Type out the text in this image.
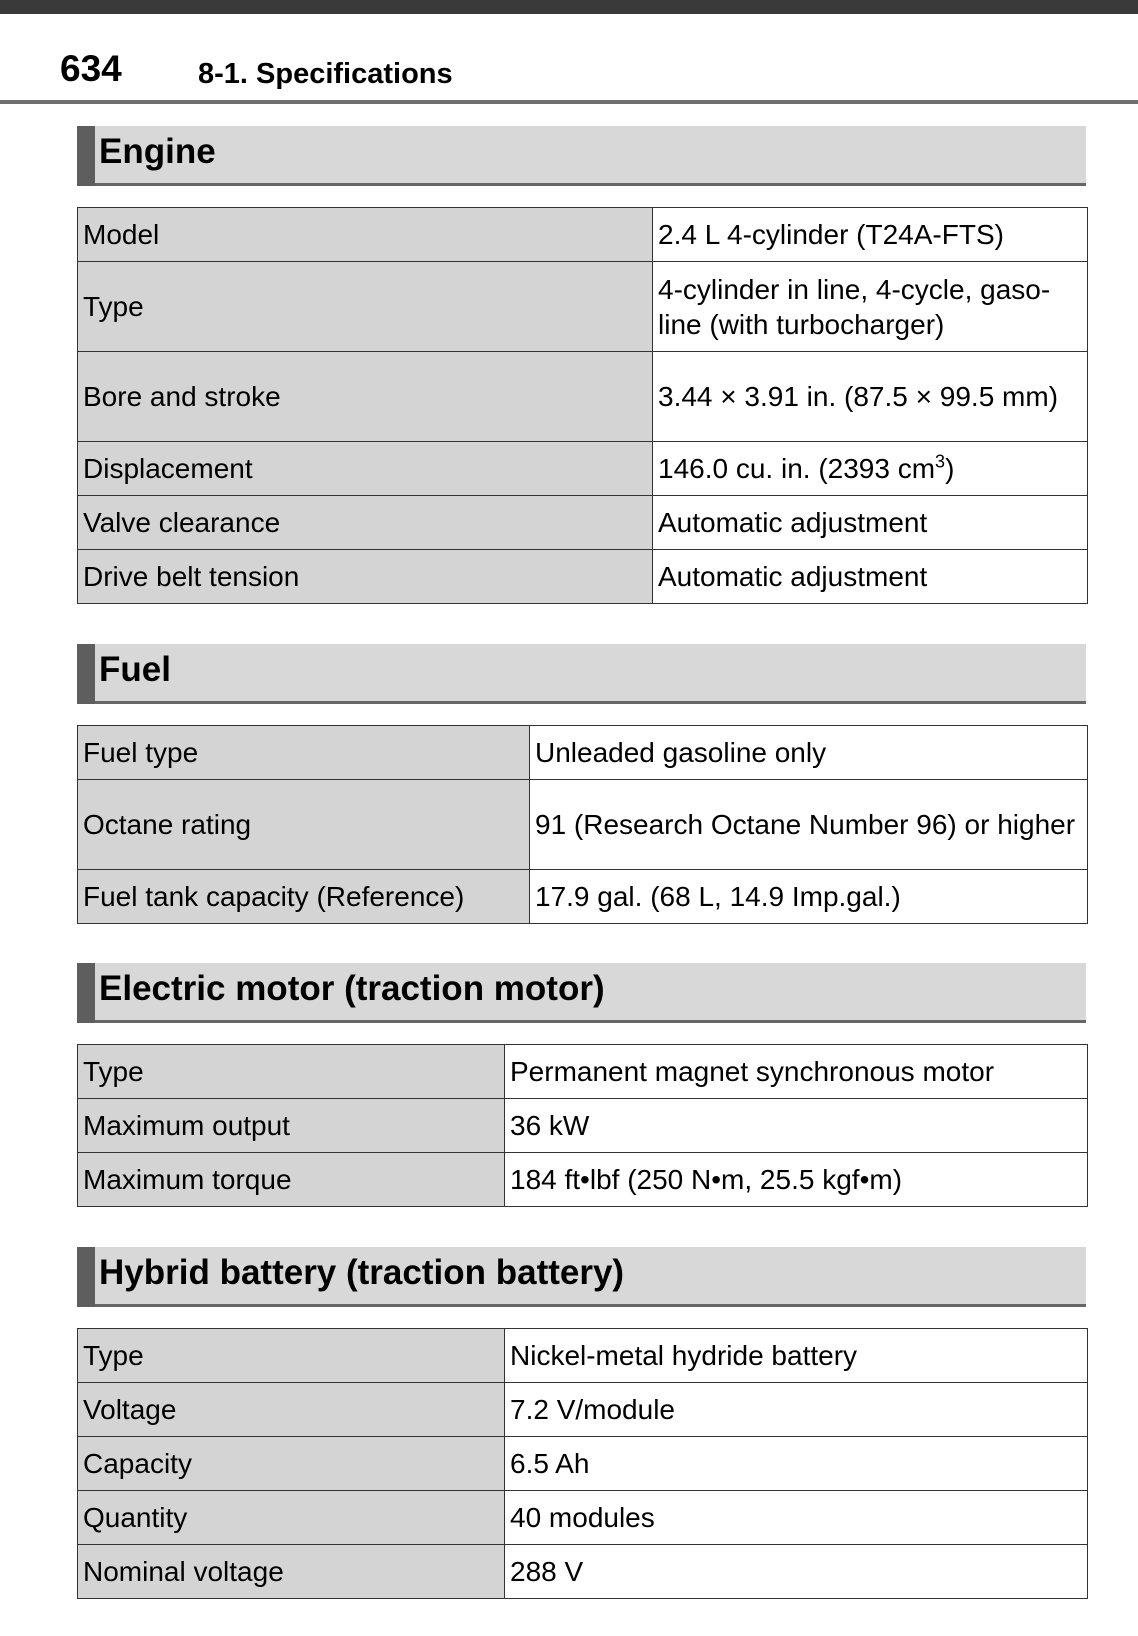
634	8-1. Specifications
Engine
Model	2.4 L 4-cylinder (T24A-FTS)
Type	4-cylinder in line, 4-cycle, gaso-line (with turbocharger)
Bore and stroke	3.44 × 3.91 in. (87.5 × 99.5 mm)
Displacement	146.0 cu. in. (2393 $cm^3$)
Valve clearance	Automatic adjustment
Drive belt tension	Automatic adjustment
Fuel
Fuel type	Unleaded gasoline only
Octane rating	91 (Research Octane Number 96) or higher
Fuel tank capacity (Reference)	17.9 gal. (68 L, 14.9 Imp.gal.)
Electric motor (traction motor)
Type	Permanent magnet synchronous motor
Maximum output	36 kW
Maximum torque	184 ft•lbf (250 N•m, 25.5 kgf•m)
Hybrid battery (traction battery)
Type	Nickel-metal hydride battery
Voltage	7.2 V/module
Capacity	6.5 Ah
Quantity	40 modules
Nominal voltage	288 V
